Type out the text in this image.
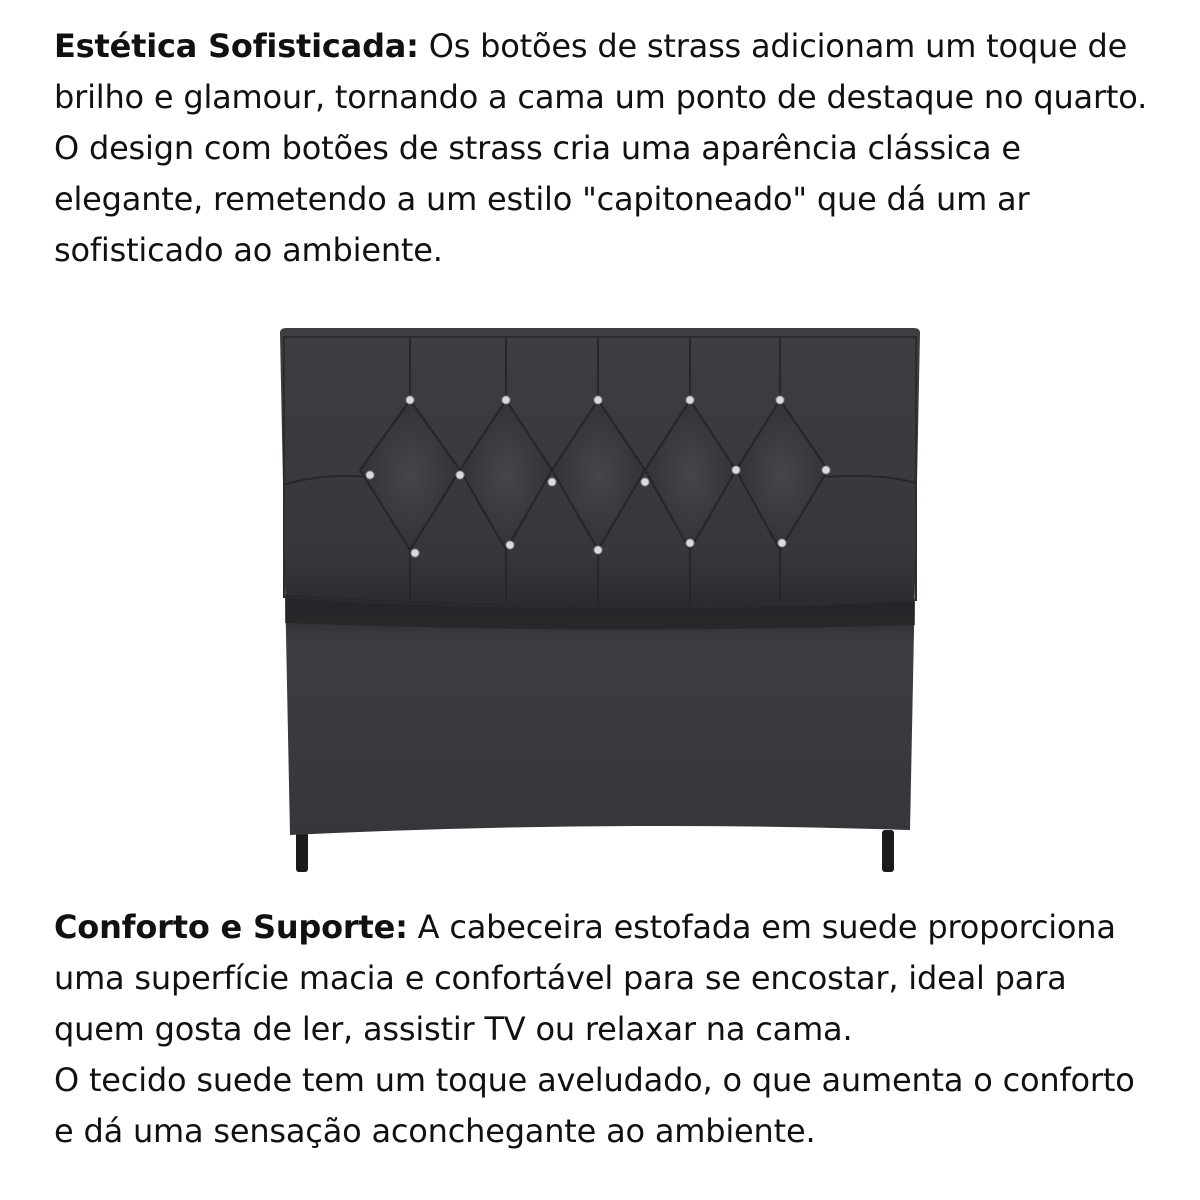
Estética Sofisticada: Os botões de strass adicionam um toque de brilho e glamour, tornando a cama um ponto de destaque no quarto.

O design com botões de strass cria uma aparência clássica e elegante, remetendo a um estilo "capitoneado" que dá um ar sofisticado ao ambiente.

Conforto e Suporte: A cabeceira estofada em suede proporciona uma superfície macia e confortável para se encostar, ideal para quem gosta de ler, assistir TV ou relaxar na cama.

O tecido suede tem um toque aveludado, o que aumenta o conforto e dá uma sensação aconchegante ao ambiente.
